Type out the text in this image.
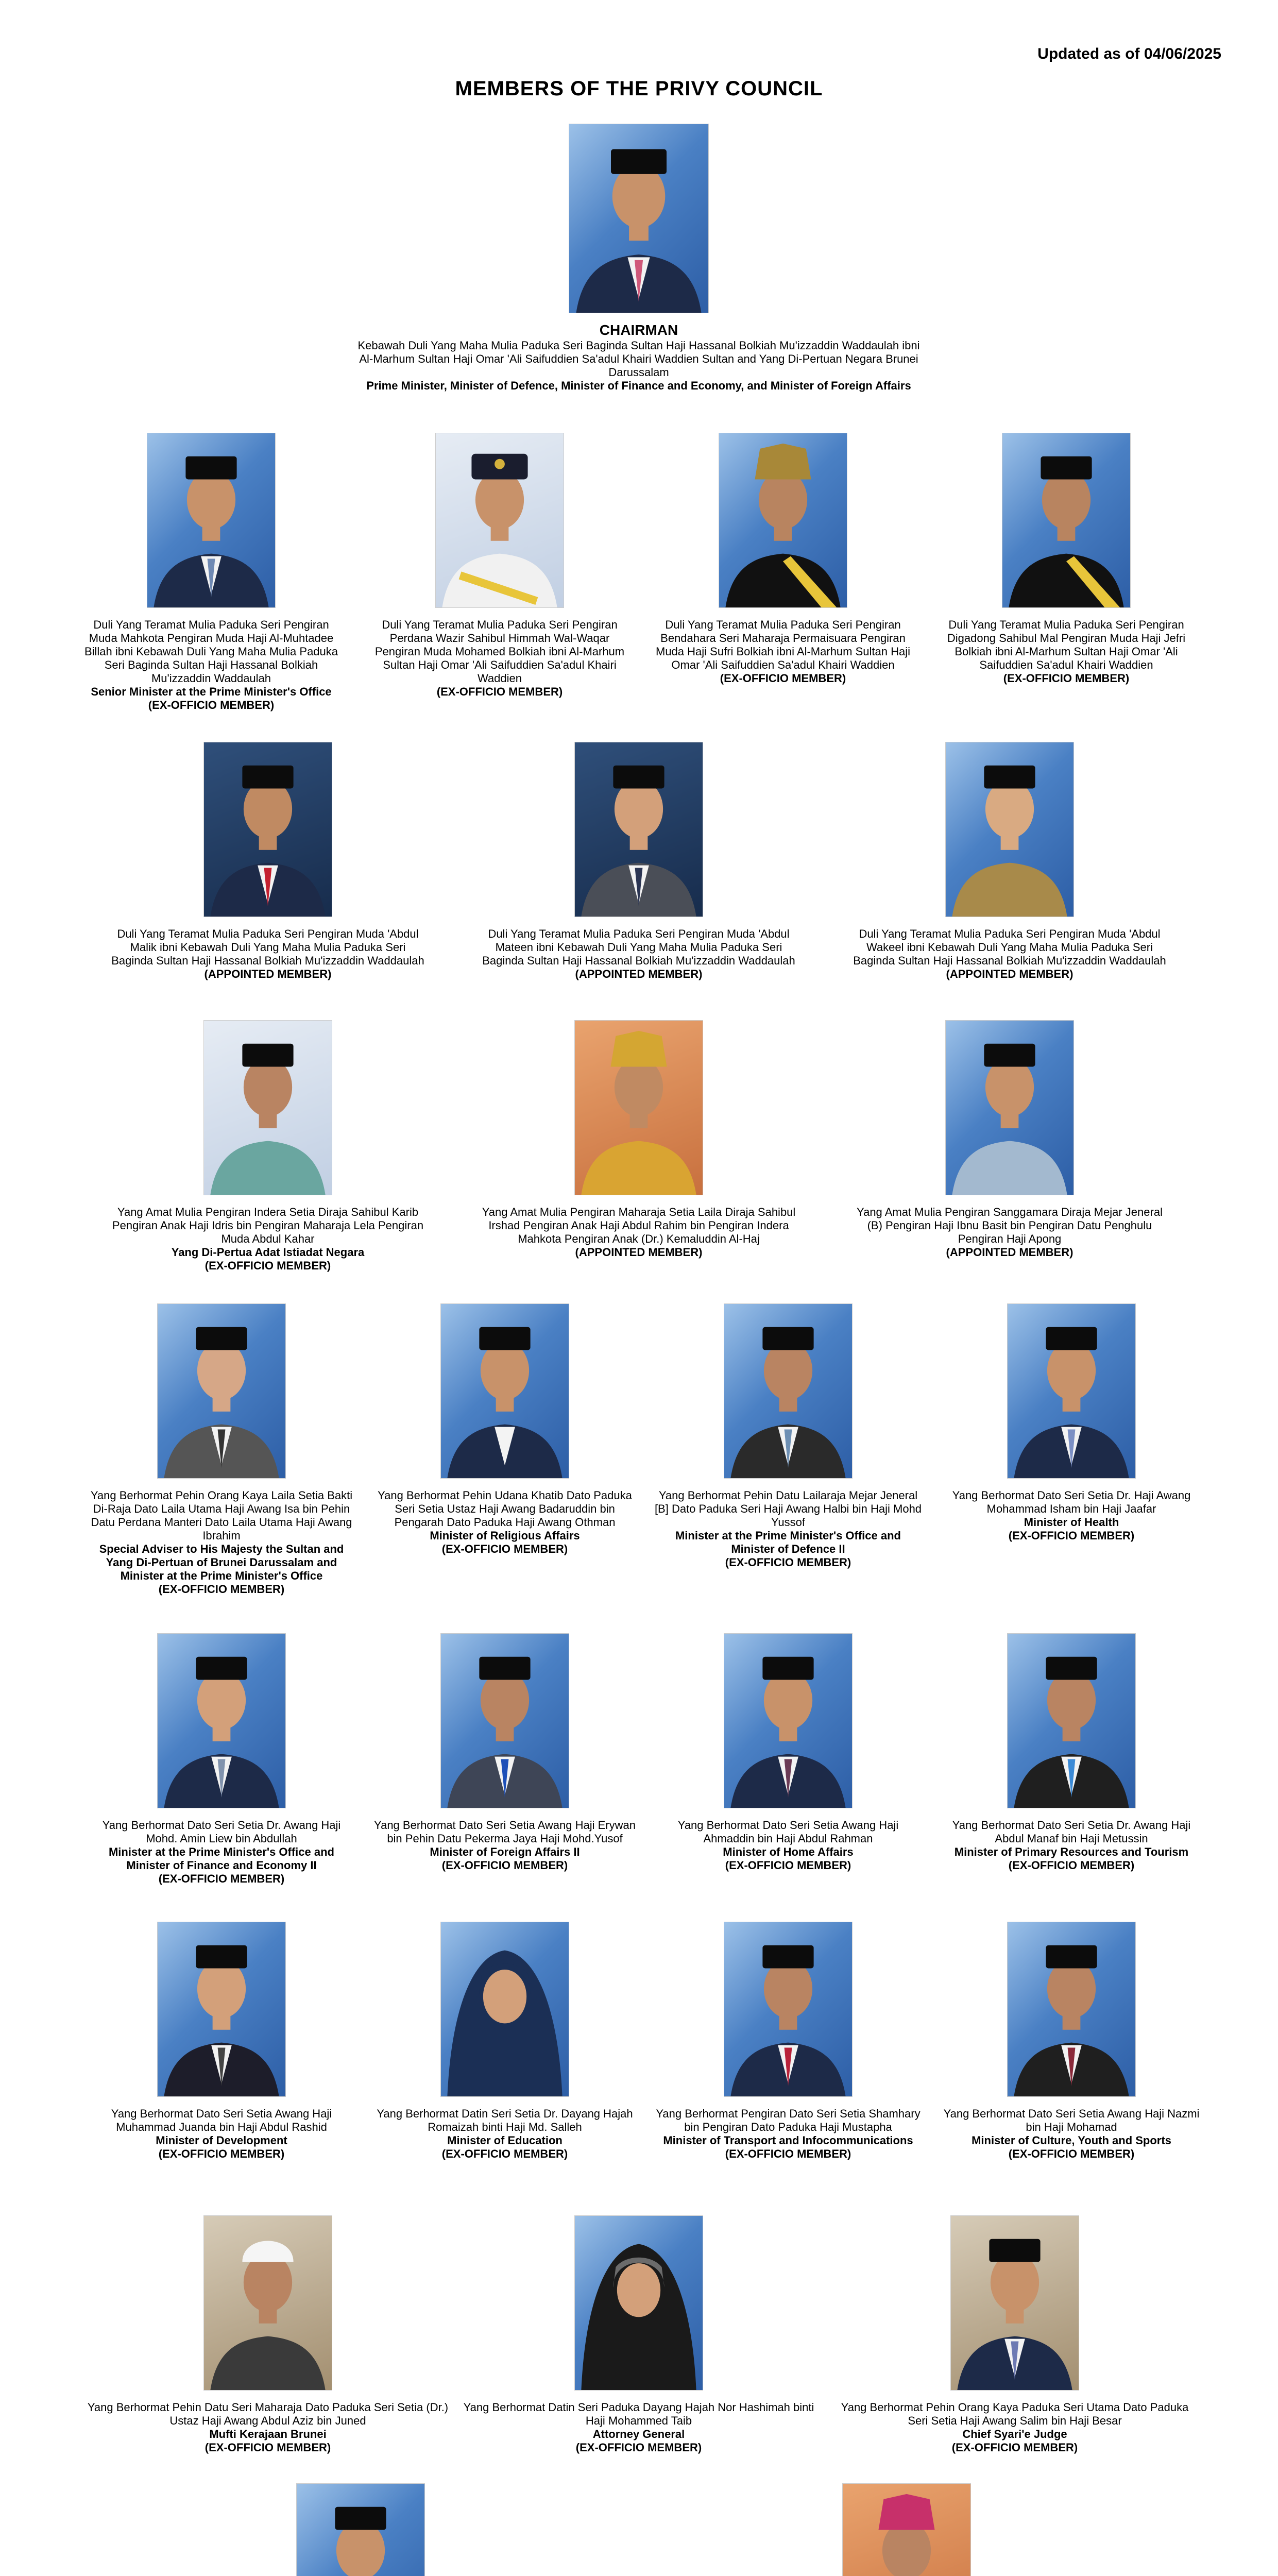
Updated as of 04/06/2025
MEMBERS OF THE PRIVY COUNCIL
CHAIRMAN
Kebawah Duli Yang Maha Mulia Paduka Seri Baginda Sultan Haji Hassanal Bolkiah Mu'izzaddin Waddaulah ibni Al-Marhum Sultan Haji Omar 'Ali Saifuddien Sa'adul Khairi Waddien Sultan and Yang Di-Pertuan Negara Brunei Darussalam
Prime Minister, Minister of Defence, Minister of Finance and Economy, and Minister of Foreign Affairs
Duli Yang Teramat Mulia Paduka Seri Pengiran Muda Mahkota Pengiran Muda Haji Al-Muhtadee Billah ibni Kebawah Duli Yang Maha Mulia Paduka Seri Baginda Sultan Haji Hassanal Bolkiah Mu'izzaddin Waddaulah
Senior Minister at the Prime Minister's Office
(EX-OFFICIO MEMBER)
Duli Yang Teramat Mulia Paduka Seri Pengiran Perdana Wazir Sahibul Himmah Wal-Waqar Pengiran Muda Mohamed Bolkiah ibni Al-Marhum Sultan Haji Omar 'Ali Saifuddien Sa'adul Khairi Waddien
(EX-OFFICIO MEMBER)
Duli Yang Teramat Mulia Paduka Seri Pengiran Bendahara Seri Maharaja Permaisuara Pengiran Muda Haji Sufri Bolkiah ibni Al-Marhum Sultan Haji Omar 'Ali Saifuddien Sa'adul Khairi Waddien
(EX-OFFICIO MEMBER)
Duli Yang Teramat Mulia Paduka Seri Pengiran Digadong Sahibul Mal Pengiran Muda Haji Jefri Bolkiah ibni Al-Marhum Sultan Haji Omar 'Ali Saifuddien Sa'adul Khairi Waddien
(EX-OFFICIO MEMBER)
Duli Yang Teramat Mulia Paduka Seri Pengiran Muda 'Abdul Malik ibni Kebawah Duli Yang Maha Mulia Paduka Seri Baginda Sultan Haji Hassanal Bolkiah Mu'izzaddin Waddaulah
(APPOINTED MEMBER)
Duli Yang Teramat Mulia Paduka Seri Pengiran Muda 'Abdul Mateen ibni Kebawah Duli Yang Maha Mulia Paduka Seri Baginda Sultan Haji Hassanal Bolkiah Mu'izzaddin Waddaulah
(APPOINTED MEMBER)
Duli Yang Teramat Mulia Paduka Seri Pengiran Muda 'Abdul Wakeel ibni Kebawah Duli Yang Maha Mulia Paduka Seri Baginda Sultan Haji Hassanal Bolkiah Mu'izzaddin Waddaulah
(APPOINTED MEMBER)
Yang Amat Mulia Pengiran Indera Setia Diraja Sahibul Karib Pengiran Anak Haji Idris bin Pengiran Maharaja Lela Pengiran Muda Abdul Kahar
Yang Di-Pertua Adat Istiadat Negara
(EX-OFFICIO MEMBER)
Yang Amat Mulia Pengiran Maharaja Setia Laila Diraja Sahibul Irshad Pengiran Anak Haji Abdul Rahim bin Pengiran Indera Mahkota Pengiran Anak (Dr.) Kemaluddin Al-Haj
(APPOINTED MEMBER)
Yang Amat Mulia Pengiran Sanggamara Diraja Mejar Jeneral (B) Pengiran Haji Ibnu Basit bin Pengiran Datu Penghulu Pengiran Haji Apong
(APPOINTED MEMBER)
Yang Berhormat Pehin Orang Kaya Laila Setia Bakti Di-Raja Dato Laila Utama Haji Awang Isa bin Pehin Datu Perdana Manteri Dato Laila Utama Haji Awang Ibrahim
Special Adviser to His Majesty the Sultan and Yang Di-Pertuan of Brunei Darussalam and Minister at the Prime Minister's Office
(EX-OFFICIO MEMBER)
Yang Berhormat Pehin Udana Khatib Dato Paduka Seri Setia Ustaz Haji Awang Badaruddin bin Pengarah Dato Paduka Haji Awang Othman
Minister of Religious Affairs
(EX-OFFICIO MEMBER)
Yang Berhormat Pehin Datu Lailaraja Mejar Jeneral [B] Dato Paduka Seri Haji Awang Halbi bin Haji Mohd Yussof
Minister at the Prime Minister's Office and Minister of Defence II
(EX-OFFICIO MEMBER)
Yang Berhormat Dato Seri Setia Dr. Haji Awang Mohammad Isham bin Haji Jaafar
Minister of Health
(EX-OFFICIO MEMBER)
Yang Berhormat Dato Seri Setia Dr. Awang Haji Mohd. Amin Liew bin Abdullah
Minister at the Prime Minister's Office and Minister of Finance and Economy II
(EX-OFFICIO MEMBER)
Yang Berhormat Dato Seri Setia Awang Haji Erywan bin Pehin Datu Pekerma Jaya Haji Mohd.Yusof
Minister of Foreign Affairs II
(EX-OFFICIO MEMBER)
Yang Berhormat Dato Seri Setia Awang Haji Ahmaddin bin Haji Abdul Rahman
Minister of Home Affairs
(EX-OFFICIO MEMBER)
Yang Berhormat Dato Seri Setia Dr. Awang Haji Abdul Manaf bin Haji Metussin
Minister of Primary Resources and Tourism
(EX-OFFICIO MEMBER)
Yang Berhormat Dato Seri Setia Awang Haji Muhammad Juanda bin Haji Abdul Rashid
Minister of Development
(EX-OFFICIO MEMBER)
Yang Berhormat Datin Seri Setia Dr. Dayang Hajah Romaizah binti Haji Md. Salleh
Minister of Education
(EX-OFFICIO MEMBER)
Yang Berhormat Pengiran Dato Seri Setia Shamhary bin Pengiran Dato Paduka Haji Mustapha
Minister of Transport and Infocommunications
(EX-OFFICIO MEMBER)
Yang Berhormat Dato Seri Setia Awang Haji Nazmi bin Haji Mohamad
Minister of Culture, Youth and Sports
(EX-OFFICIO MEMBER)
Yang Berhormat Pehin Datu Seri Maharaja Dato Paduka Seri Setia (Dr.) Ustaz Haji Awang Abdul Aziz bin Juned
Mufti Kerajaan Brunei
(EX-OFFICIO MEMBER)
Yang Berhormat Datin Seri Paduka Dayang Hajah Nor Hashimah binti Haji Mohammed Taib
Attorney General
(EX-OFFICIO MEMBER)
Yang Berhormat Pehin Orang Kaya Paduka Seri Utama Dato Paduka Seri Setia Haji Awang Salim bin Haji Besar
Chief Syari'e Judge
(EX-OFFICIO MEMBER)
